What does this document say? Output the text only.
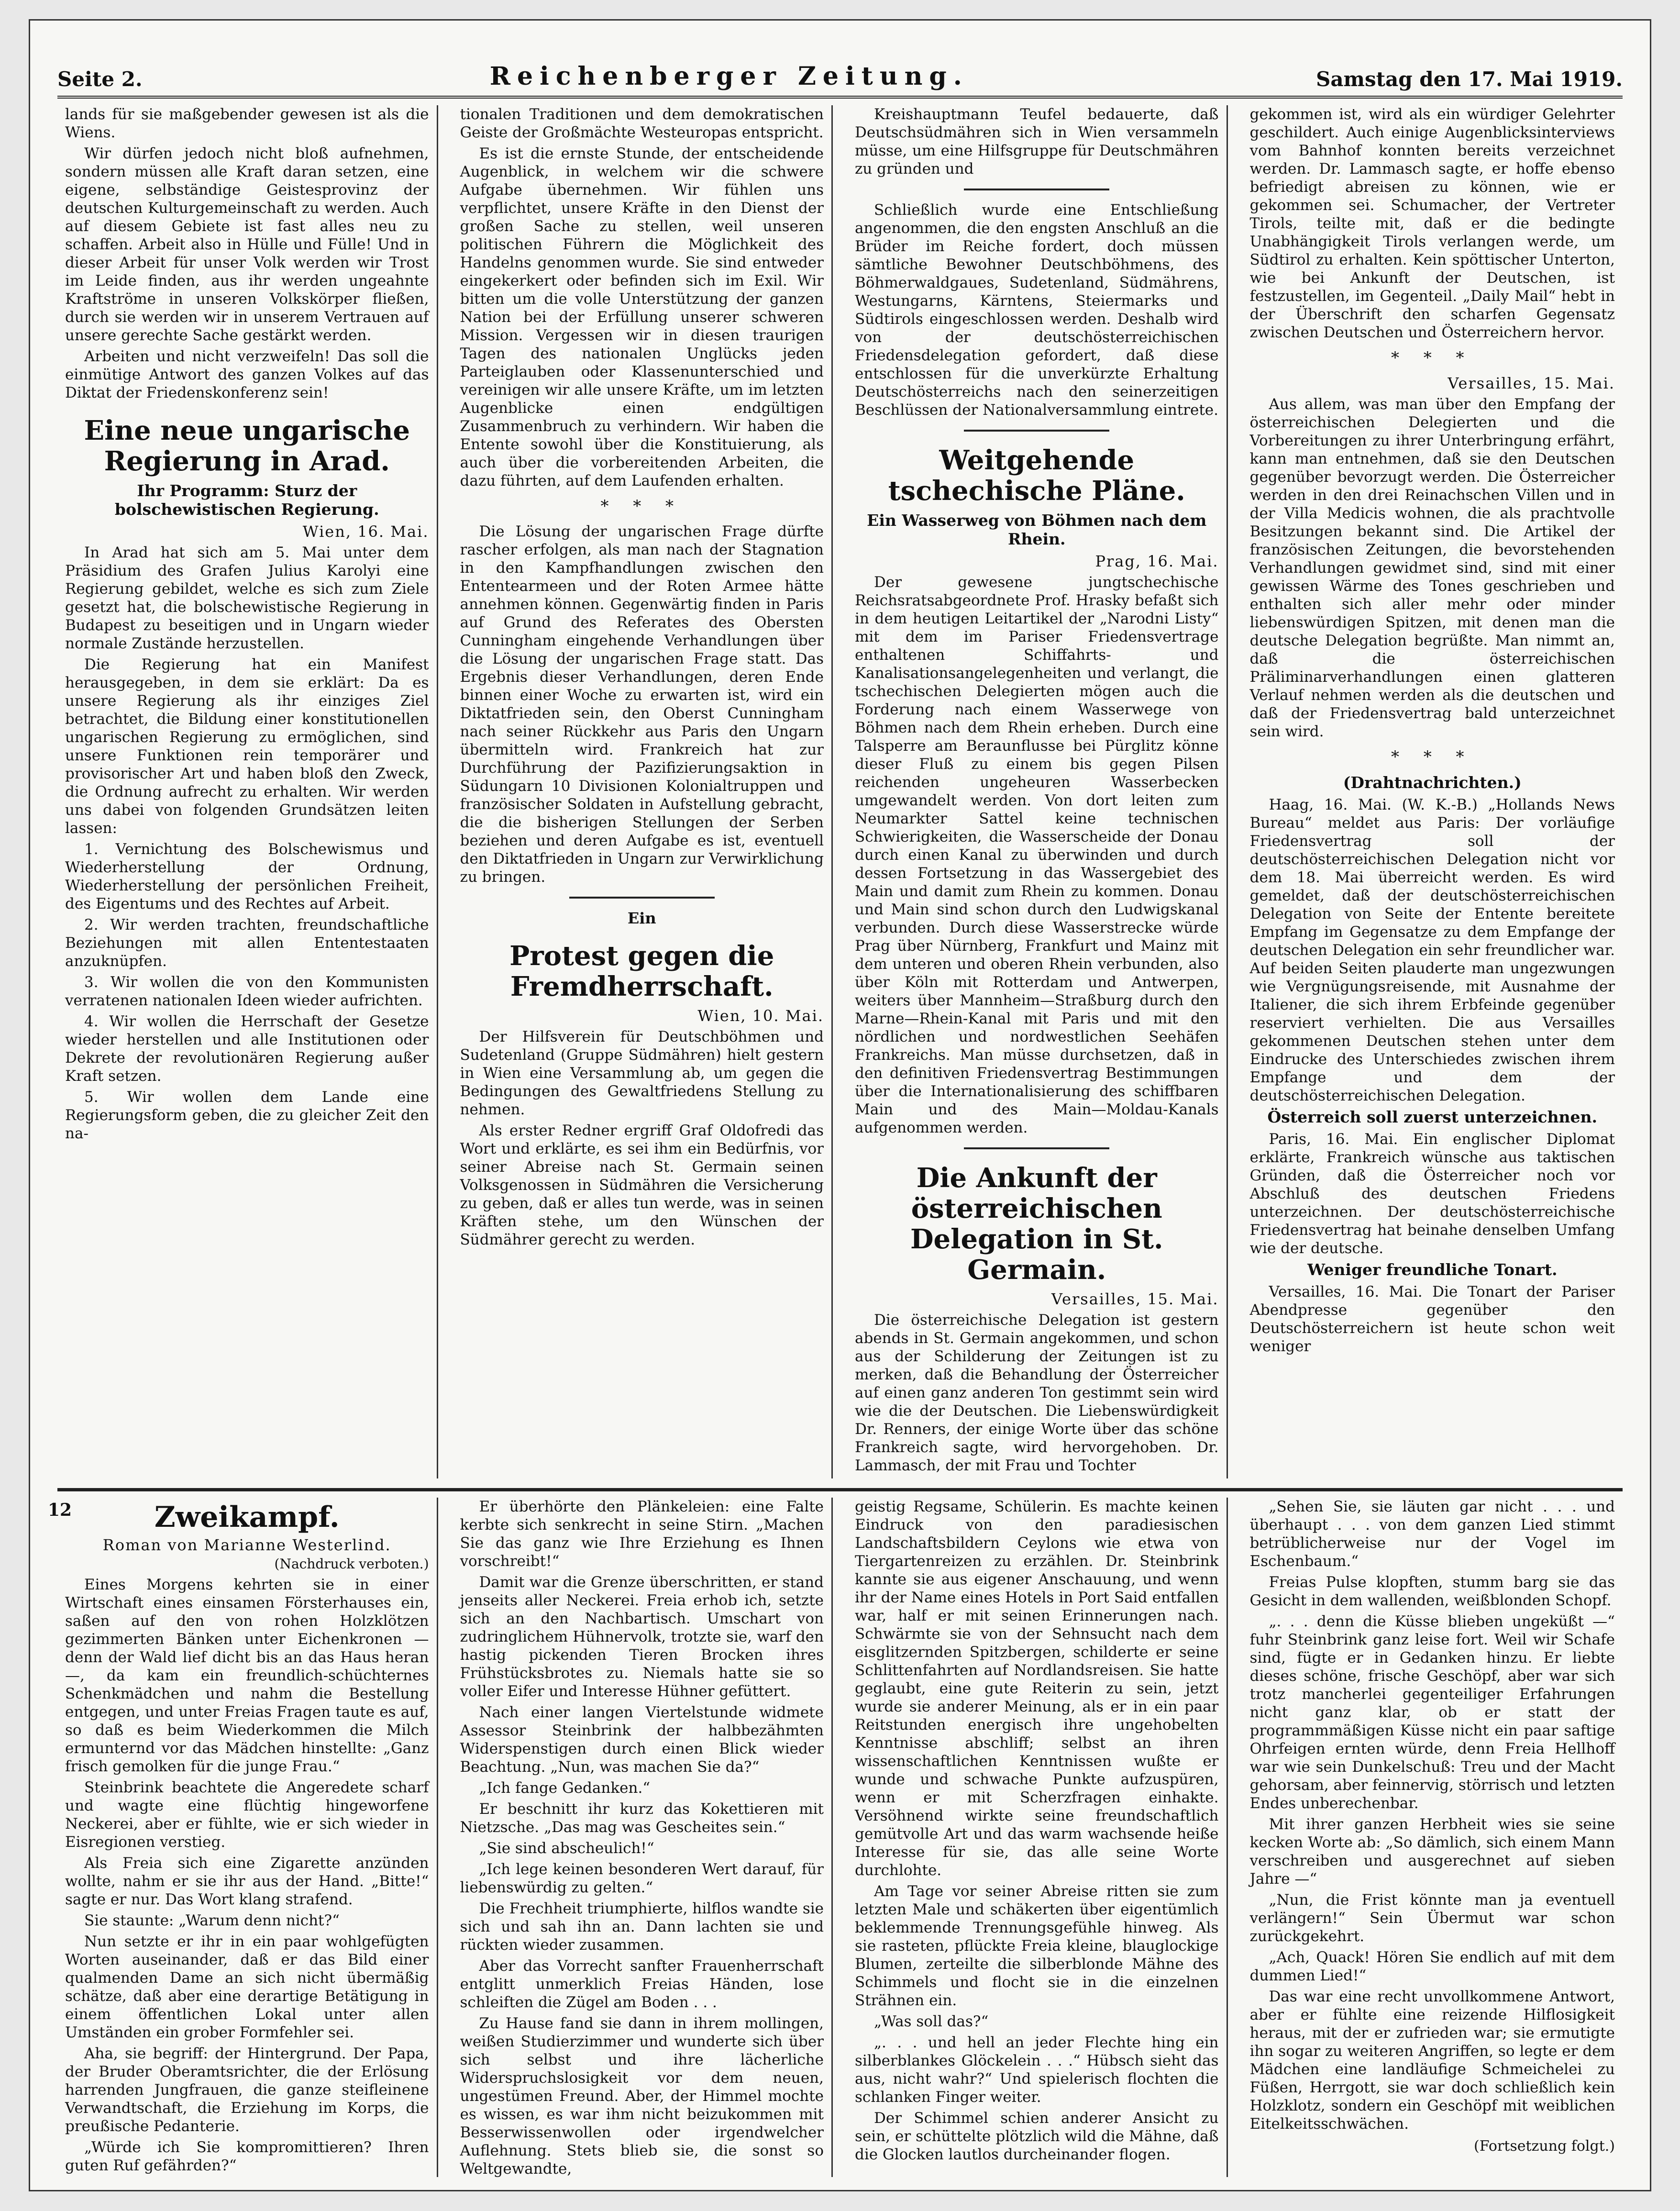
Seite 2.	Reichenberger Zeitung.	Samstag den 17. Mai 1919.

lands für sie maßgebender gewesen ist als die Wiens.

Wir dürfen jedoch nicht bloß aufnehmen, sondern müssen alle Kraft daran setzen, eine eigene, selbständige Geistesprovinz der deutschen Kulturgemeinschaft zu werden. Auch auf diesem Gebiete ist fast alles neu zu schaffen. Arbeit also in Hülle und Fülle! Und in dieser Arbeit für unser Volk werden wir Trost im Leide finden, aus ihr werden ungeahnte Kraftströme in unseren Volkskörper fließen, durch sie werden wir in unserem Vertrauen auf unsere gerechte Sache gestärkt werden.

Arbeiten und nicht verzweifeln! Das soll die einmütige Antwort des ganzen Volkes auf das Diktat der Friedenskonferenz sein!

Eine neue ungarische Regierung in Arad.
Ihr Programm: Sturz der bolschewistischen Regierung.
Wien, 16. Mai.

In Arad hat sich am 5. Mai unter dem Präsidium des Grafen Julius Karolyi eine Regierung gebildet, welche es sich zum Ziele gesetzt hat, die bolschewistische Regierung in Budapest zu beseitigen und in Ungarn wieder normale Zustände herzustellen.

Die Regierung hat ein Manifest herausgegeben, in dem sie erklärt: Da es unsere Regierung als ihr einziges Ziel betrachtet, die Bildung einer konstitutionellen ungarischen Regierung zu ermöglichen, sind unsere Funktionen rein temporärer und provisorischer Art und haben bloß den Zweck, die Ordnung aufrecht zu erhalten. Wir werden uns dabei von folgenden Grundsätzen leiten lassen:

1. Vernichtung des Bolschewismus und Wiederherstellung der Ordnung, Wiederherstellung der persönlichen Freiheit, des Eigentums und des Rechtes auf Arbeit.

2. Wir werden trachten, freundschaftliche Beziehungen mit allen Ententestaaten anzuknüpfen.

3. Wir wollen die von den Kommunisten verratenen nationalen Ideen wieder aufrichten.

4. Wir wollen die Herrschaft der Gesetze wieder herstellen und alle Institutionen oder Dekrete der revolutionären Regierung außer Kraft setzen.

5. Wir wollen dem Lande eine Regierungsform geben, die zu gleicher Zeit den na-

tionalen Traditionen und dem demokratischen Geiste der Großmächte Westeuropas entspricht.

Es ist die ernste Stunde, der entscheidende Augenblick, in welchem wir die schwere Aufgabe übernehmen. Wir fühlen uns verpflichtet, unsere Kräfte in den Dienst der großen Sache zu stellen, weil unseren politischen Führern die Möglichkeit des Handelns genommen wurde. Sie sind entweder eingekerkert oder befinden sich im Exil. Wir bitten um die volle Unterstützung der ganzen Nation bei der Erfüllung unserer schweren Mission. Vergessen wir in diesen traurigen Tagen des nationalen Unglücks jeden Parteiglauben oder Klassenunterschied und vereinigen wir alle unsere Kräfte, um im letzten Augenblicke einen endgültigen Zusammenbruch zu verhindern. Wir haben die Entente sowohl über die Konstituierung, als auch über die vorbereitenden Arbeiten, die dazu führten, auf dem Laufenden erhalten.

* * *

Die Lösung der ungarischen Frage dürfte rascher erfolgen, als man nach der Stagnation in den Kampfhandlungen zwischen den Ententearmeen und der Roten Armee hätte annehmen können. Gegenwärtig finden in Paris auf Grund des Referates des Obersten Cunningham eingehende Verhandlungen über die Lösung der ungarischen Frage statt. Das Ergebnis dieser Verhandlungen, deren Ende binnen einer Woche zu erwarten ist, wird ein Diktatfrieden sein, den Oberst Cunningham nach seiner Rückkehr aus Paris den Ungarn übermitteln wird. Frankreich hat zur Durchführung der Pazifizierungsaktion in Südungarn 10 Divisionen Kolonialtruppen und französischer Soldaten in Aufstellung gebracht, die die bisherigen Stellungen der Serben beziehen und deren Aufgabe es ist, eventuell den Diktatfrieden in Ungarn zur Verwirklichung zu bringen.

Ein
Protest gegen die Fremdherrschaft.
Wien, 10. Mai.

Der Hilfsverein für Deutschböhmen und Sudetenland (Gruppe Südmähren) hielt gestern in Wien eine Versammlung ab, um gegen die Bedingungen des Gewaltfriedens Stellung zu nehmen.

Als erster Redner ergriff Graf Oldofredi das Wort und erklärte, es sei ihm ein Bedürfnis, vor seiner Abreise nach St. Germain seinen Volksgenossen in Südmähren die Versicherung zu geben, daß er alles tun werde, was in seinen Kräften stehe, um den Wünschen der Südmährer gerecht zu werden.

Kreishauptmann Teufel bedauerte, daß Deutschsüdmähren sich in Wien versammeln müsse, um eine Hilfsgruppe für Deutschmähren zu gründen und

Schließlich wurde eine Entschließung angenommen, die den engsten Anschluß an die Brüder im Reiche fordert, doch müssen sämtliche Bewohner Deutschböhmens, des Böhmerwaldgaues, Sudetenland, Südmährens, Westungarns, Kärntens, Steiermarks und Südtirols eingeschlossen werden. Deshalb wird von der deutschösterreichischen Friedensdelegation gefordert, daß diese entschlossen für die unverkürzte Erhaltung Deutschösterreichs nach den seinerzeitigen Beschlüssen der Nationalversammlung eintrete.

Weitgehende tschechische Pläne.
Ein Wasserweg von Böhmen nach dem Rhein.
Prag, 16. Mai.

Der gewesene jungtschechische Reichsratsabgeordnete Prof. Hrasky befaßt sich in dem heutigen Leitartikel der „Narodni Listy“ mit dem im Pariser Friedensvertrage enthaltenen Schiffahrts- und Kanalisationsangelegenheiten und verlangt, die tschechischen Delegierten mögen auch die Forderung nach einem Wasserwege von Böhmen nach dem Rhein erheben. Durch eine Talsperre am Beraunflusse bei Pürglitz könne dieser Fluß zu einem bis gegen Pilsen reichenden ungeheuren Wasserbecken umgewandelt werden. Von dort leiten zum Neumarkter Sattel keine technischen Schwierigkeiten, die Wasserscheide der Donau durch einen Kanal zu überwinden und durch dessen Fortsetzung in das Wassergebiet des Main und damit zum Rhein zu kommen. Donau und Main sind schon durch den Ludwigskanal verbunden. Durch diese Wasserstrecke würde Prag über Nürnberg, Frankfurt und Mainz mit dem unteren und oberen Rhein verbunden, also über Köln mit Rotterdam und Antwerpen, weiters über Mannheim—Straßburg durch den Marne—Rhein-Kanal mit Paris und mit den nördlichen und nordwestlichen Seehäfen Frankreichs. Man müsse durchsetzen, daß in den definitiven Friedensvertrag Bestimmungen über die Internationalisierung des schiffbaren Main und des Main—Moldau-Kanals aufgenommen werden.

Die Ankunft der österreichischen Delegation in St. Germain.
Versailles, 15. Mai.

Die österreichische Delegation ist gestern abends in St. Germain angekommen, und schon aus der Schilderung der Zeitungen ist zu merken, daß die Behandlung der Österreicher auf einen ganz anderen Ton gestimmt sein wird wie die der Deutschen. Die Liebenswürdigkeit Dr. Renners, der einige Worte über das schöne Frankreich sagte, wird hervorgehoben. Dr. Lammasch, der mit Frau und Tochter

gekommen ist, wird als ein würdiger Gelehrter geschildert. Auch einige Augenblicksinterviews vom Bahnhof konnten bereits verzeichnet werden. Dr. Lammasch sagte, er hoffe ebenso befriedigt abreisen zu können, wie er gekommen sei. Schumacher, der Vertreter Tirols, teilte mit, daß er die bedingte Unabhängigkeit Tirols verlangen werde, um Südtirol zu erhalten. Kein spöttischer Unterton, wie bei Ankunft der Deutschen, ist festzustellen, im Gegenteil. „Daily Mail“ hebt in der Überschrift den scharfen Gegensatz zwischen Deutschen und Österreichern hervor.

* * *
Versailles, 15. Mai.

Aus allem, was man über den Empfang der österreichischen Delegierten und die Vorbereitungen zu ihrer Unterbringung erfährt, kann man entnehmen, daß sie den Deutschen gegenüber bevorzugt werden. Die Österreicher werden in den drei Reinachschen Villen und in der Villa Medicis wohnen, die als prachtvolle Besitzungen bekannt sind. Die Artikel der französischen Zeitungen, die bevorstehenden Verhandlungen gewidmet sind, sind mit einer gewissen Wärme des Tones geschrieben und enthalten sich aller mehr oder minder liebenswürdigen Spitzen, mit denen man die deutsche Delegation begrüßte. Man nimmt an, daß die österreichischen Präliminarverhandlungen einen glatteren Verlauf nehmen werden als die deutschen und daß der Friedensvertrag bald unterzeichnet sein wird.

* * *
(Drahtnachrichten.)

Haag, 16. Mai. (W. K.-B.) „Hollands News Bureau“ meldet aus Paris: Der vorläufige Friedensvertrag soll der deutschösterreichischen Delegation nicht vor dem 18. Mai überreicht werden. Es wird gemeldet, daß der deutschösterreichischen Delegation von Seite der Entente bereitete Empfang im Gegensatze zu dem Empfange der deutschen Delegation ein sehr freundlicher war. Auf beiden Seiten plauderte man ungezwungen wie Vergnügungsreisende, mit Ausnahme der Italiener, die sich ihrem Erbfeinde gegenüber reserviert verhielten. Die aus Versailles gekommenen Deutschen stehen unter dem Eindrucke des Unterschiedes zwischen ihrem Empfange und dem der deutschösterreichischen Delegation.

Österreich soll zuerst unterzeichnen.

Paris, 16. Mai. Ein englischer Diplomat erklärte, Frankreich wünsche aus taktischen Gründen, daß die Österreicher noch vor Abschluß des deutschen Friedens unterzeichnen. Der deutschösterreichische Friedensvertrag hat beinahe denselben Umfang wie der deutsche.

Weniger freundliche Tonart.

Versailles, 16. Mai. Die Tonart der Pariser Abendpresse gegenüber den Deutschösterreichern ist heute schon weit weniger

12	Zweikampf.
Roman von Marianne Westerlind.
(Nachdruck verboten.)

Eines Morgens kehrten sie in einer Wirtschaft eines einsamen Försterhauses ein, saßen auf den von rohen Holzklötzen gezimmerten Bänken unter Eichenkronen — denn der Wald lief dicht bis an das Haus heran —, da kam ein freundlich-schüchternes Schenkmädchen und nahm die Bestellung entgegen, und unter Freias Fragen taute es auf, so daß es beim Wiederkommen die Milch ermunternd vor das Mädchen hinstellte: „Ganz frisch gemolken für die junge Frau.“

Steinbrink beachtete die Angeredete scharf und wagte eine flüchtig hingeworfene Neckerei, aber er fühlte, wie er sich wieder in Eisregionen verstieg.

Als Freia sich eine Zigarette anzünden wollte, nahm er sie ihr aus der Hand. „Bitte!“ sagte er nur. Das Wort klang strafend.

Sie staunte: „Warum denn nicht?“

Nun setzte er ihr in ein paar wohlgefügten Worten auseinander, daß er das Bild einer qualmenden Dame an sich nicht übermäßig schätze, daß aber eine derartige Betätigung in einem öffentlichen Lokal unter allen Umständen ein grober Formfehler sei.

Aha, sie begriff: der Hintergrund. Der Papa, der Bruder Oberamtsrichter, die der Erlösung harrenden Jungfrauen, die ganze steifleinene Verwandtschaft, die Erziehung im Korps, die preußische Pedanterie.

„Würde ich Sie kompromittieren? Ihren guten Ruf gefährden?“

Er überhörte den Plänkeleien: eine Falte kerbte sich senkrecht in seine Stirn. „Machen Sie das ganz wie Ihre Erziehung es Ihnen vorschreibt!“

Damit war die Grenze überschritten, er stand jenseits aller Neckerei. Freia erhob ich, setzte sich an den Nachbartisch. Umschart von zudringlichem Hühnervolk, trotzte sie, warf den hastig pickenden Tieren Brocken ihres Frühstücksbrotes zu. Niemals hatte sie so voller Eifer und Interesse Hühner gefüttert.

Nach einer langen Viertelstunde widmete Assessor Steinbrink der halbbezähmten Widerspenstigen durch einen Blick wieder Beachtung. „Nun, was machen Sie da?“

„Ich fange Gedanken.“

Er beschnitt ihr kurz das Kokettieren mit Nietzsche. „Das mag was Gescheites sein.“

„Sie sind abscheulich!“

„Ich lege keinen besonderen Wert darauf, für liebenswürdig zu gelten.“

Die Frechheit triumphierte, hilflos wandte sie sich und sah ihn an. Dann lachten sie und rückten wieder zusammen.

Aber das Vorrecht sanfter Frauenherrschaft entglitt unmerklich Freias Händen, lose schleiften die Zügel am Boden . . .

Zu Hause fand sie dann in ihrem mollingen, weißen Studierzimmer und wunderte sich über sich selbst und ihre lächerliche Widerspruchslosigkeit vor dem neuen, ungestümen Freund. Aber, der Himmel mochte es wissen, es war ihm nicht beizukommen mit Besserwissenwollen oder irgendwelcher Auflehnung. Stets blieb sie, die sonst so Weltgewandte,

geistig Regsame, Schülerin. Es machte keinen Eindruck von den paradiesischen Landschaftsbildern Ceylons wie etwa von Tiergartenreizen zu erzählen. Dr. Steinbrink kannte sie aus eigener Anschauung, und wenn ihr der Name eines Hotels in Port Said entfallen war, half er mit seinen Erinnerungen nach. Schwärmte sie von der Sehnsucht nach dem eisglitzernden Spitzbergen, schilderte er seine Schlittenfahrten auf Nordlandsreisen. Sie hatte geglaubt, eine gute Reiterin zu sein, jetzt wurde sie anderer Meinung, als er in ein paar Reitstunden energisch ihre ungehobelten Kenntnisse abschliff; selbst an ihren wissenschaftlichen Kenntnissen wußte er wunde und schwache Punkte aufzuspüren, wenn er mit Scherzfragen einhakte. Versöhnend wirkte seine freundschaftlich gemütvolle Art und das warm wachsende heiße Interesse für sie, das alle seine Worte durchlohte.

Am Tage vor seiner Abreise ritten sie zum letzten Male und schäkerten über eigentümlich beklemmende Trennungsgefühle hinweg. Als sie rasteten, pflückte Freia kleine, blauglockige Blumen, zerteilte die silberblonde Mähne des Schimmels und flocht sie in die einzelnen Strähnen ein.

„Was soll das?“

„. . . und hell an jeder Flechte hing ein silberblankes Glöckelein . . .“ Hübsch sieht das aus, nicht wahr?“ Und spielerisch flochten die schlanken Finger weiter.

Der Schimmel schien anderer Ansicht zu sein, er schüttelte plötzlich wild die Mähne, daß die Glocken lautlos durcheinander flogen.

„Sehen Sie, sie läuten gar nicht . . . und überhaupt . . . von dem ganzen Lied stimmt betrüblicherweise nur der Vogel im Eschenbaum.“

Freias Pulse klopften, stumm barg sie das Gesicht in dem wallenden, weißblonden Schopf.

„. . . denn die Küsse blieben ungeküßt —“ fuhr Steinbrink ganz leise fort. Weil wir Schafe sind, fügte er in Gedanken hinzu. Er liebte dieses schöne, frische Geschöpf, aber war sich trotz mancherlei gegenteiliger Erfahrungen nicht ganz klar, ob er statt der programmmäßigen Küsse nicht ein paar saftige Ohrfeigen ernten würde, denn Freia Hellhoff war wie sein Dunkelschuß: Treu und der Macht gehorsam, aber feinnervig, störrisch und letzten Endes unberechenbar.

Mit ihrer ganzen Herbheit wies sie seine kecken Worte ab: „So dämlich, sich einem Mann verschreiben und ausgerechnet auf sieben Jahre —“

„Nun, die Frist könnte man ja eventuell verlängern!“ Sein Übermut war schon zurückgekehrt.

„Ach, Quack! Hören Sie endlich auf mit dem dummen Lied!“

Das war eine recht unvollkommene Antwort, aber er fühlte eine reizende Hilflosigkeit heraus, mit der er zufrieden war; sie ermutigte ihn sogar zu weiteren Angriffen, so legte er dem Mädchen eine landläufige Schmeichelei zu Füßen, Herrgott, sie war doch schließlich kein Holzklotz, sondern ein Geschöpf mit weiblichen Eitelkeitsschwächen.

(Fortsetzung folgt.)
